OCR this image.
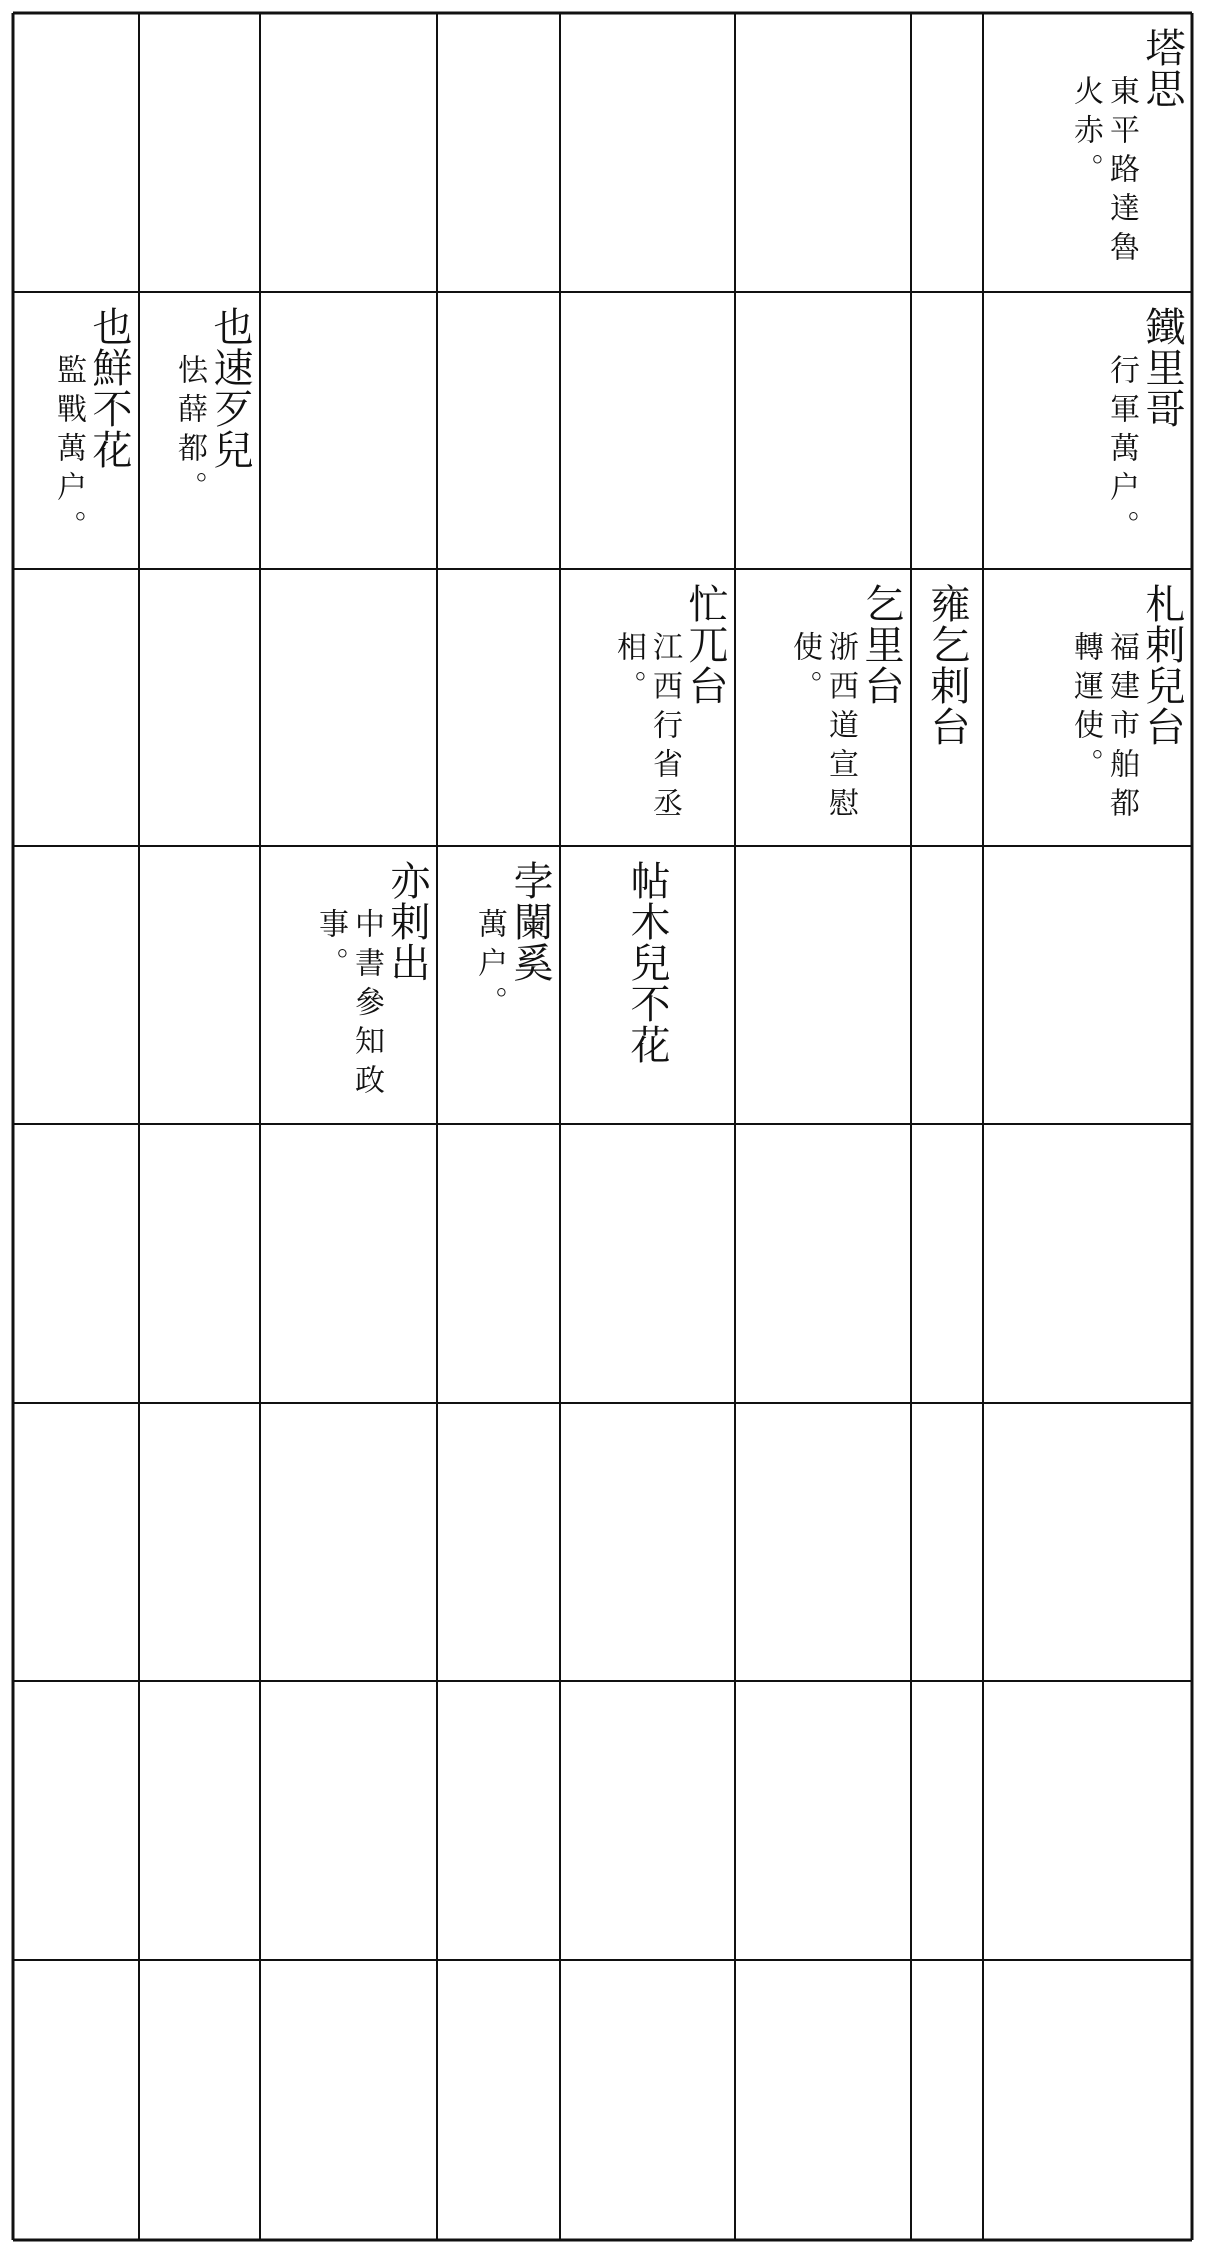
塔思
東平路達魯
火赤。
鐵里哥
行軍萬户。
也速歹兒
怯薛都。
也鮮不花
監戰萬户。
札剌兒台
福建市舶都
轉運使。
雍乞剌台
乞里台
浙西道宣慰
使。
忙兀台
江西行省丞
相。
帖木兒不花
孛闌奚
萬户。
亦剌出
中書參知政
事。
